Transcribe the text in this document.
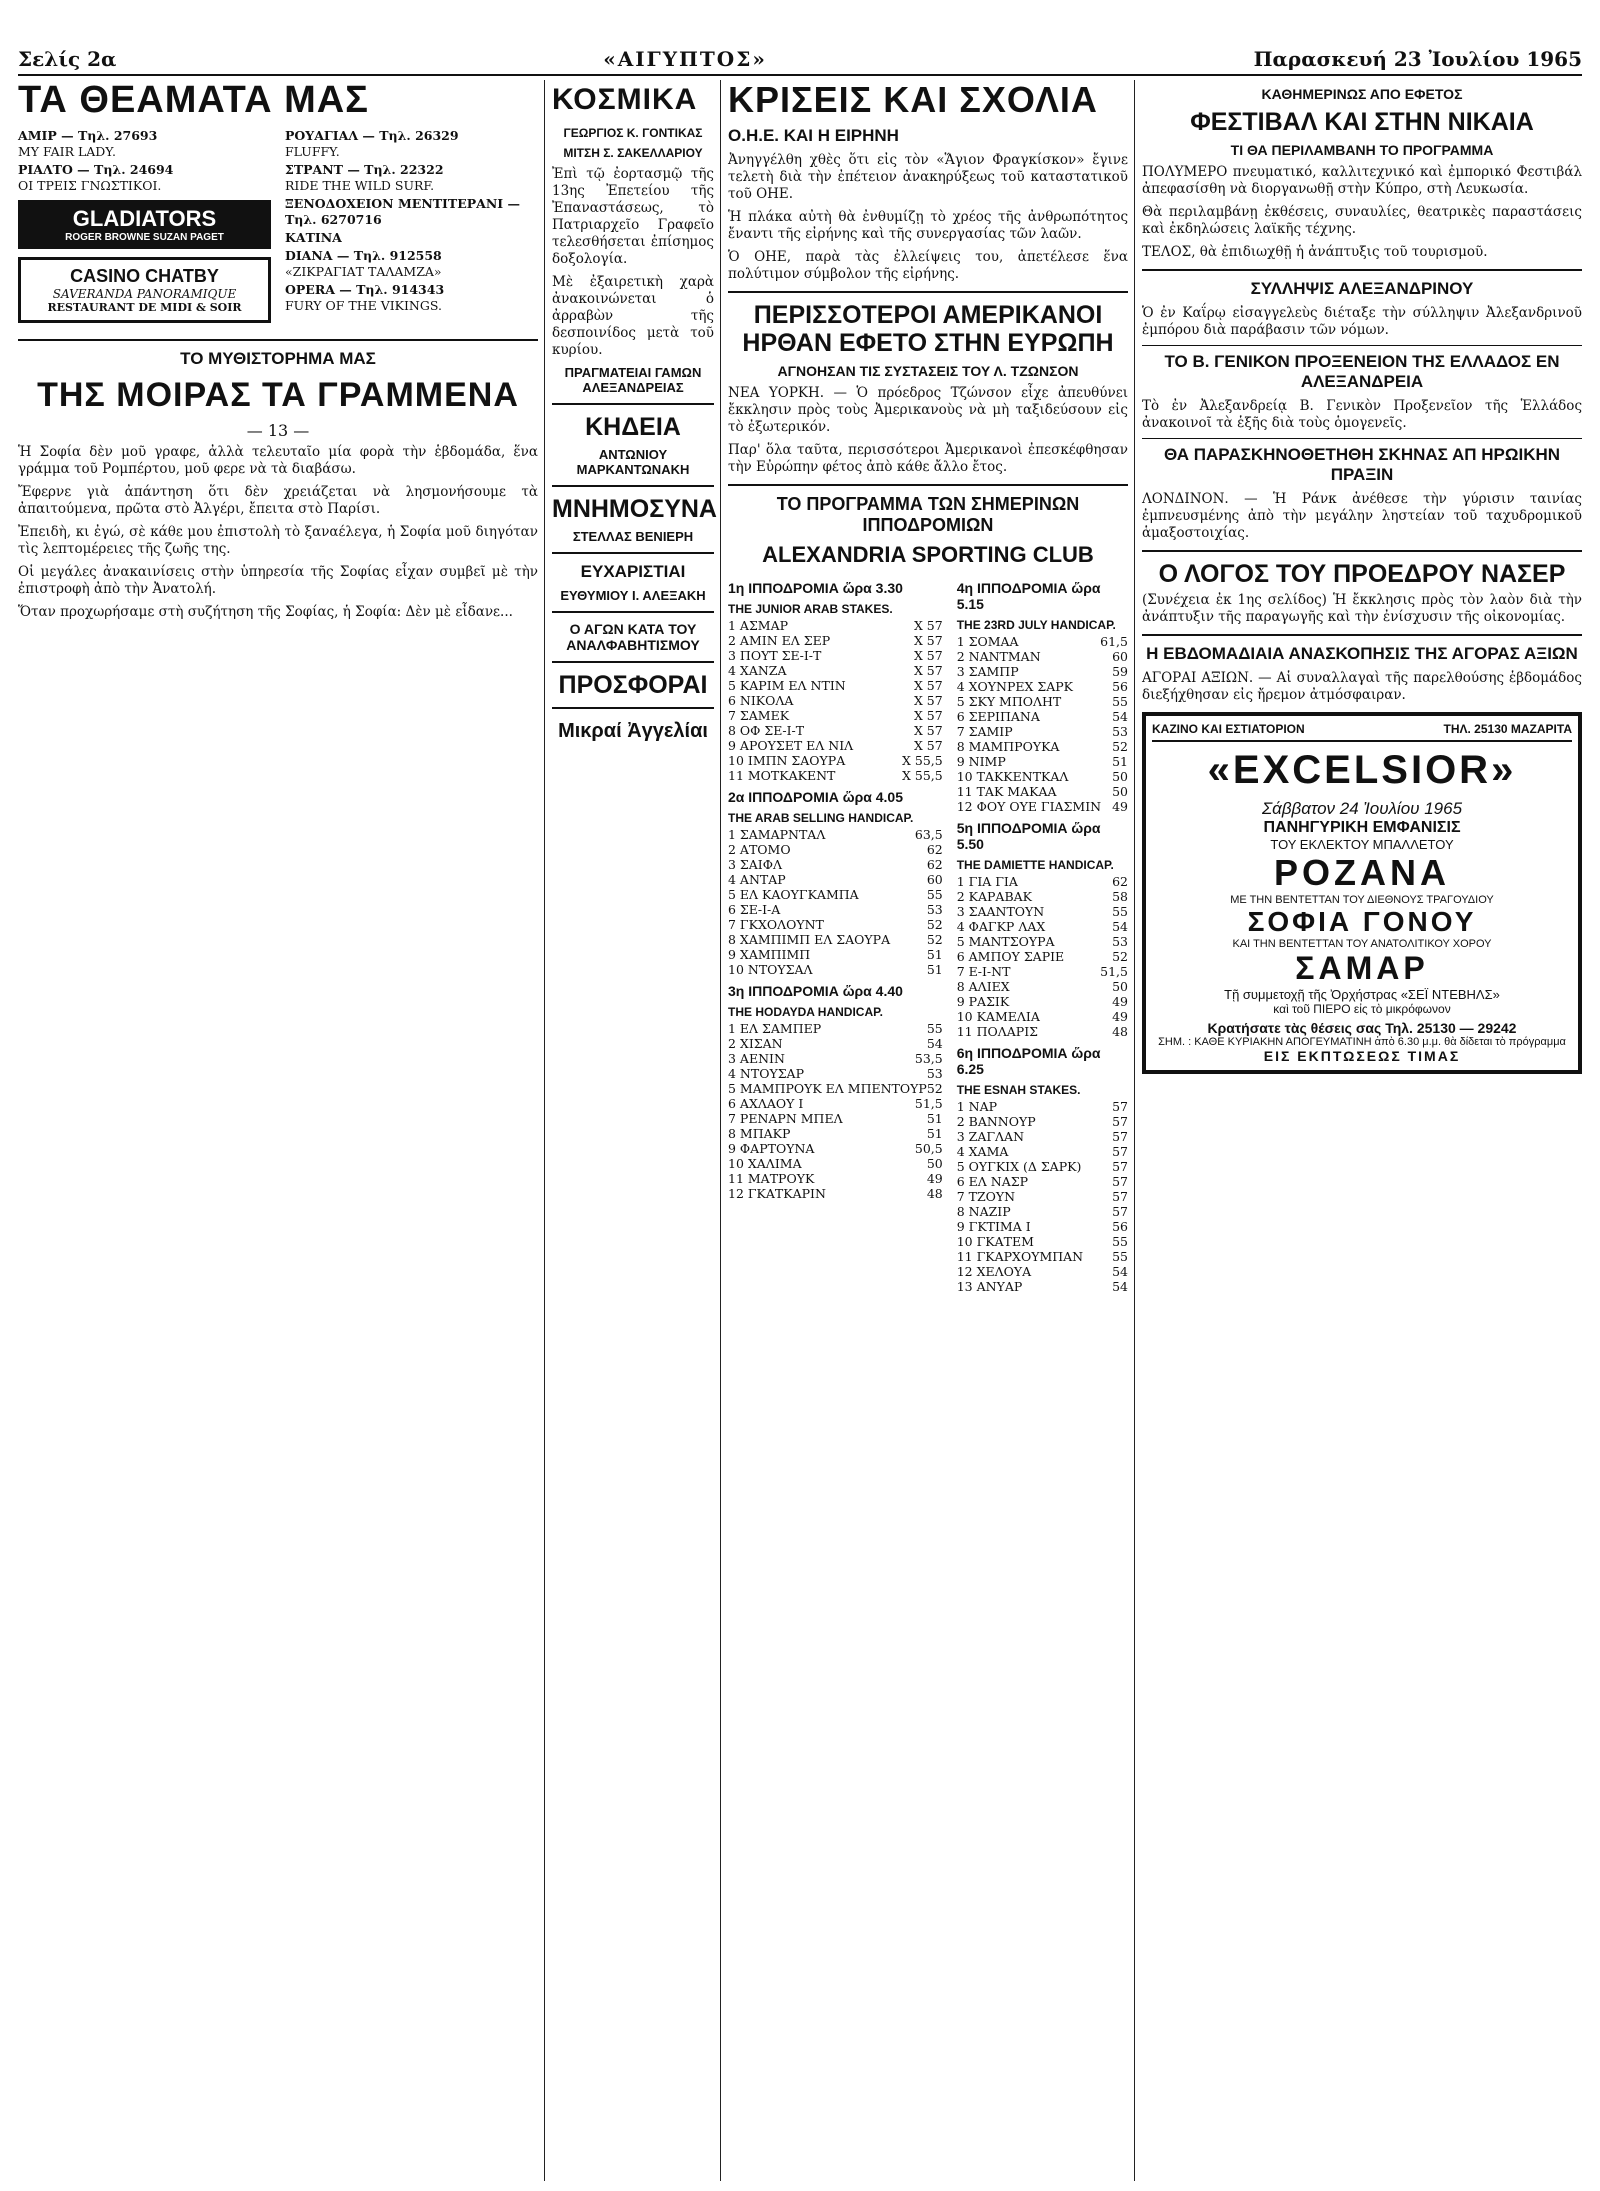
Σελίς 2α	«ΑΙΓΥΠΤΟΣ»	Παρασκευή 23 Ἰουλίου 1965
ΤΑ ΘΕΑΜΑΤΑ ΜΑΣ
ΑΜΙΡ — Τηλ. 27693
MY FAIR LADY.
ΡΙΑΛΤΟ — Τηλ. 24694
ΟΙ ΤΡΕΙΣ ΓΝΩΣΤΙΚΟΙ.
GLADIATORS
ROGER BROWNE SUZAN PAGET
CASINO CHATBY
SAVERANDA PANORAMIQUE
RESTAURANT DE MIDI & SOIR
ΡΟΥΑΓΙΑΛ — Τηλ. 26329
FLUFFY.
ΣΤΡΑΝΤ — Τηλ. 22322
RIDE THE WILD SURF.
ΞΕΝΟΔΟΧΕΙΟΝ ΜΕΝΤΙΤΕΡΑΝΙ — Τηλ. 6270716

ΚΑΤΙΝΑ

DIANA — Τηλ. 912558
«ΖΙΚΡΑΓΙΑΤ ΤΑΛΑΜΖΑ»
OPERA — Τηλ. 914343
FURY OF THE VIKINGS.
ΤΟ ΜΥΘΙΣΤΟΡΗΜΑ ΜΑΣ
ΤΗΣ ΜΟΙΡΑΣ ΤΑ ΓΡΑΜΜΕΝΑ
— 13 —

Ἡ Σοφία δὲν μοῦ γραφε, ἀλλὰ τελευταῖο μία φορὰ τὴν ἑβδομάδα, ἕνα γράμμα τοῦ Ρομπέρτου, μοῦ φερε νὰ τὰ διαβάσω.

Ἔφερνε γιὰ ἀπάντηση ὅτι δὲν χρειάζεται νὰ λησμονήσουμε τὰ ἀπαιτούμενα, πρῶτα στὸ Ἀλγέρι, ἔπειτα στὸ Παρίσι.

Ἐπειδὴ, κι ἐγώ, σὲ κάθε μου ἐπιστολὴ τὸ ξαναέλεγα, ἡ Σοφία μοῦ διηγόταν τὶς λεπτομέρειες τῆς ζωῆς της.

Οἱ μεγάλες ἀνακαινίσεις στὴν ὑπηρεσία τῆς Σοφίας εἶχαν συμβεῖ μὲ τὴν ἐπιστροφὴ ἀπὸ τὴν Ἀνατολή.

Ὅταν προχωρήσαμε στὴ συζήτηση τῆς Σοφίας, ἡ Σοφία: Δὲν μὲ εἶδανε...

ΚΟΣΜΙΚΑ
ΓΕΩΡΓΙΟΣ Κ. ΓΟΝΤΙΚΑΣ
ΜΙΤΣΗ Σ. ΣΑΚΕΛΛΑΡΙΟΥ

Ἐπὶ τῷ ἐορτασμῷ τῆς 13ης Ἐπετείου τῆς Ἐπαναστάσεως, τὸ Πατριαρχεῖο Γραφεῖο τελεσθήσεται ἐπίσημος δοξολογία.

Μὲ ἐξαιρετικὴ χαρὰ ἀνακοινώνεται ὁ ἀρραβὼν τῆς δεσποινίδος μετὰ τοῦ κυρίου.

ΠΡΑΓΜΑΤΕΙΑΙ ΓΑΜΩΝ ΑΛΕΞΑΝΔΡΕΙΑΣ
ΚΗΔΕΙΑ
ΑΝΤΩΝΙΟΥ ΜΑΡΚΑΝΤΩΝΑΚΗ
ΜΝΗΜΟΣΥΝΑ
ΣΤΕΛΛΑΣ ΒΕΝΙΕΡΗ
ΕΥΧΑΡΙΣΤΙΑΙ
ΕΥΘΥΜΙΟΥ Ι. ΑΛΕΞΑΚΗ
Ο ΑΓΩΝ ΚΑΤΑ ΤΟΥ ΑΝΑΛΦΑΒΗΤΙΣΜΟΥ
ΠΡΟΣΦΟΡΑΙ
Μικραί Ἀγγελίαι
ΚΡΙΣΕΙΣ ΚΑΙ ΣΧΟΛΙΑ
Ο.Η.Ε. ΚΑΙ Η ΕΙΡΗΝΗ

Ἀνηγγέλθη χθὲς ὅτι εἰς τὸν «Ἅγιον Φραγκίσκον» ἔγινε τελετὴ διὰ τὴν ἐπέτειον ἀνακηρύξεως τοῦ καταστατικοῦ τοῦ ΟΗΕ.

Ἡ πλάκα αὐτὴ θὰ ἐνθυμίζῃ τὸ χρέος τῆς ἀνθρωπότητος ἔναντι τῆς εἰρήνης καὶ τῆς συνεργασίας τῶν λαῶν.

Ὁ ΟΗΕ, παρὰ τὰς ἐλλείψεις του, ἀπετέλεσε ἕνα πολύτιμον σύμβολον τῆς εἰρήνης.

ΠΕΡΙΣΣΟΤΕΡΟΙ ΑΜΕΡΙΚΑΝΟΙ ΗΡΘΑΝ ΕΦΕΤΟ ΣΤΗΝ ΕΥΡΩΠΗ
ΑΓΝΟΗΣΑΝ ΤΙΣ ΣΥΣΤΑΣΕΙΣ ΤΟΥ Λ. ΤΖΩΝΣΟΝ

ΝΕΑ ΥΟΡΚΗ. — Ὁ πρόεδρος Τζώνσον εἶχε ἀπευθύνει ἔκκλησιν πρὸς τοὺς Ἀμερικανοὺς νὰ μὴ ταξιδεύσουν εἰς τὸ ἐξωτερικόν.

Παρ' ὅλα ταῦτα, περισσότεροι Ἀμερικανοὶ ἐπεσκέφθησαν τὴν Εὐρώπην φέτος ἀπὸ κάθε ἄλλο ἔτος.

ΤΟ ΠΡΟΓΡΑΜΜΑ ΤΩΝ ΣΗΜΕΡΙΝΩΝ ΙΠΠΟΔΡΟΜΙΩΝ
ALEXANDRIA SPORTING CLUB
1η ΙΠΠΟΔΡΟΜΙΑ ὥρα 3.30
THE JUNIOR ARAB STAKES.
1 ΑΣΜΑΡ	Χ 57
2 ΑΜΙΝ ΕΛ ΣΕΡ	Χ 57
3 ΠΟΥΤ ΣΕ-Ι-Τ	Χ 57
4 ΧΑΝΖΑ	Χ 57
5 ΚΑΡΙΜ ΕΛ ΝΤΙΝ	Χ 57
6 ΝΙΚΟΛΑ	Χ 57
7 ΣΑΜΕΚ	Χ 57
8 ΟΦ ΣΕ-Ι-Τ	Χ 57
9 ΑΡΟΥΣΕΤ ΕΛ ΝΙΛ	Χ 57
10 ΙΜΠΝ ΣΑΟΥΡΑ	Χ 55,5
11 ΜΟΤΚΑΚΕΝΤ	Χ 55,5
2α ΙΠΠΟΔΡΟΜΙΑ ὥρα 4.05
THE ARAB SELLING HANDICAP.
1 ΣΑΜΑΡΝΤΑΛ	63,5
2 ΑΤΟΜΟ	62
3 ΣΑΙΦΛ	62
4 ΑΝΤΑΡ	60
5 ΕΛ ΚΑΟΥΓΚΑΜΠΑ	55
6 ΣΕ-Ι-Α	53
7 ΓΚΧΟΛΟΥΝΤ	52
8 ΧΑΜΠΙΜΠ ΕΛ ΣΑΟΥΡΑ	52
9 ΧΑΜΠΙΜΠ	51
10 ΝΤΟΥΣΑΛ	51
3η ΙΠΠΟΔΡΟΜΙΑ ὥρα 4.40
THE HODAYDA HANDICAP.
1 ΕΛ ΣΑΜΠΕΡ	55
2 ΧΙΣΑΝ	54
3 ΑΕΝΙΝ	53,5
4 ΝΤΟΥΣΑΡ	53
5 ΜΑΜΠΡΟΥΚ ΕΛ ΜΠΕΝΤΟΥΡ 52
6 ΑΧΛΑΟΥ Ι	51,5
7 ΡΕΝΑΡΝ ΜΠΕΛ	51
8 ΜΠΑΚΡ	51
9 ΦΑΡΤΟΥΝΑ	50,5
10 ΧΑΛΙΜΑ	50
11 ΜΑΤΡΟΥΚ	49
12 ΓΚΑΤΚΑΡΙΝ	48
4η ΙΠΠΟΔΡΟΜΙΑ ὥρα 5.15
THE 23RD JULY HANDICAP.
1 ΣΟΜΑΑ	61,5
2 ΝΑΝΤΜΑΝ	60
3 ΣΑΜΠΡ	59
4 ΧΟΥΝΡΕΧ ΣΑΡΚ	56
5 ΣΚΥ ΜΠΟΛΗΤ	55
6 ΣΕΡΙΠΑΝΑ	54
7 ΣΑΜΙΡ	53
8 ΜΑΜΠΡΟΥΚΑ	52
9 ΝΙΜΡ	51
10 ΤΑΚΚΕΝΤΚΑΛ	50
11 ΤΑΚ ΜΑΚΑΑ	50
12 ΦΟΥ ΟΥΕ ΓΙΑΣΜΙΝ 49
5η ΙΠΠΟΔΡΟΜΙΑ ὥρα 5.50
THE DAMIETTE HANDICAP.
1 ΓΙΑ ΓΙΑ	62
2 ΚΑΡΑΒΑΚ	58
3 ΣΑΑΝΤΟΥΝ	55
4 ΦΑΓΚΡ ΛΑΧ	54
5 ΜΑΝΤΣΟΥΡΑ	53
6 ΑΜΠΟΥ ΣΑΡΙΕ	52
7 Ε-Ι-ΝΤ	51,5
8 ΑΛΙΕΧ	50
9 ΡΑΣΙΚ	49
10 ΚΑΜΕΛΙΑ	49
11 ΠΟΛΑΡΙΣ	48
6η ΙΠΠΟΔΡΟΜΙΑ ὥρα 6.25
THE ESNAH STAKES.
1 ΝΑΡ	57
2 ΒΑΝΝΟΥΡ	57
3 ΖΑΓΛΑΝ	57
4 ΧΑΜΑ	57
5 ΟΥΓΚΙΧ (Δ ΣΑΡΚ) 57
6 ΕΛ ΝΑΣΡ	57
7 ΤΖΟΥΝ	57
8 ΝΑΖΙΡ	57
9 ΓΚΤΙΜΑ Ι	56
10 ΓΚΑΤΕΜ	55
11 ΓΚΑΡΧΟΥΜΠΑΝ 55
12 ΧΕΛΟΥΑ	54
13 ΑΝΥΑΡ	54
ΚΑΘΗΜΕΡΙΝΩΣ ΑΠΟ ΕΦΕΤΟΣ
ΦΕΣΤΙΒΑΛ ΚΑΙ ΣΤΗΝ ΝΙΚΑΙΑ
ΤΙ ΘΑ ΠΕΡΙΛΑΜΒΑΝΗ ΤΟ ΠΡΟΓΡΑΜΜΑ

ΠΟΛΥΜΕΡΟ πνευματικό, καλλιτεχνικό καὶ ἐμπορικό Φεστιβάλ ἀπεφασίσθη νὰ διοργανωθῇ στὴν Κύπρο, στὴ Λευκωσία.

Θὰ περιλαμβάνῃ ἐκθέσεις, συναυλίες, θεατρικὲς παραστάσεις καὶ ἐκδηλώσεις λαϊκῆς τέχνης.

ΤΕΛΟΣ, θὰ ἐπιδιωχθῇ ἡ ἀνάπτυξις τοῦ τουρισμοῦ.

ΣΥΛΛΗΨΙΣ ΑΛΕΞΑΝΔΡΙΝΟΥ

Ὁ ἐν Καΐρῳ εἰσαγγελεὺς διέταξε τὴν σύλληψιν Ἀλεξανδρινοῦ ἐμπόρου διὰ παράβασιν τῶν νόμων.

ΤΟ Β. ΓΕΝΙΚΟΝ ΠΡΟΞΕΝΕΙΟΝ ΤΗΣ ΕΛΛΑΔΟΣ ΕΝ ΑΛΕΞΑΝΔΡΕΙΑ

Τὸ ἐν Ἀλεξανδρείᾳ Β. Γενικὸν Προξενεῖον τῆς Ἑλλάδος ἀνακοινοῖ τὰ ἑξῆς διὰ τοὺς ὁμογενεῖς.

ΘΑ ΠΑΡΑΣΚΗΝΟΘΕΤΗΘΗ ΣΚΗΝΑΣ ΑΠ ΗΡΩΙΚΗΝ ΠΡΑΞΙΝ

ΛΟΝΔΙΝΟΝ. — Ἡ Ράνκ ἀνέθεσε τὴν γύρισιν ταινίας ἐμπνευσμένης ἀπὸ τὴν μεγάλην ληστείαν τοῦ ταχυδρομικοῦ ἁμαξοστοιχίας.

Ο ΛΟΓΟΣ ΤΟΥ ΠΡΟΕΔΡΟΥ ΝΑΣΕΡ

(Συνέχεια ἐκ 1ης σελίδος) Ἡ ἔκκλησις πρὸς τὸν λαὸν διὰ τὴν ἀνάπτυξιν τῆς παραγωγῆς καὶ τὴν ἐνίσχυσιν τῆς οἰκονομίας.

Η ΕΒΔΟΜΑΔΙΑΙΑ ΑΝΑΣΚΟΠΗΣΙΣ ΤΗΣ ΑΓΟΡΑΣ ΑΞΙΩΝ

ΑΓΟΡΑΙ ΑΞΙΩΝ. — Αἱ συναλλαγαὶ τῆς παρελθούσης ἑβδομάδος διεξήχθησαν εἰς ἤρεμον ἀτμόσφαιραν.

ΚΑΖΙΝΟ ΚΑΙ ΕΣΤΙΑΤΟΡΙΟΝ	ΤΗΛ. 25130 ΜΑΖΑΡΙΤΑ
«EXCELSIOR»
Σάββατον 24 Ἰουλίου 1965
ΠΑΝΗΓΥΡΙΚΗ ΕΜΦΑΝΙΣΙΣ
ΤΟΥ ΕΚΛΕΚΤΟΥ ΜΠΑΛΛΕΤΟΥ
ΡΟΖΑΝΑ
ΜΕ ΤΗΝ ΒΕΝΤΕΤΤΑΝ ΤΟΥ ΔΙΕΘΝΟΥΣ ΤΡΑΓΟΥΔΙΟΥ
ΣΟΦΙΑ ΓΟΝΟΥ
ΚΑΙ ΤΗΝ ΒΕΝΤΕΤΤΑΝ ΤΟΥ ΑΝΑΤΟΛΙΤΙΚΟΥ ΧΟΡΟΥ
ΣΑΜΑΡ
Τῇ συμμετοχῇ τῆς Ὀρχήστρας «ΣΕΪ ΝΤΕΒΗΛΣ»
καὶ τοῦ ΠΙΕΡΟ εἰς τὸ μικρόφωνον
Κρατήσατε τὰς θέσεις σας Τηλ. 25130 — 29242
ΣΗΜ. : ΚΑΘΕ ΚΥΡΙΑΚΗΝ ΑΠΟΓΕΥΜΑΤΙΝΗ ἀπὸ 6.30 μ.μ. θὰ δίδεται τὸ πρόγραμμα
ΕΙΣ ΕΚΠΤΩΣΕΩΣ ΤΙΜΑΣ
